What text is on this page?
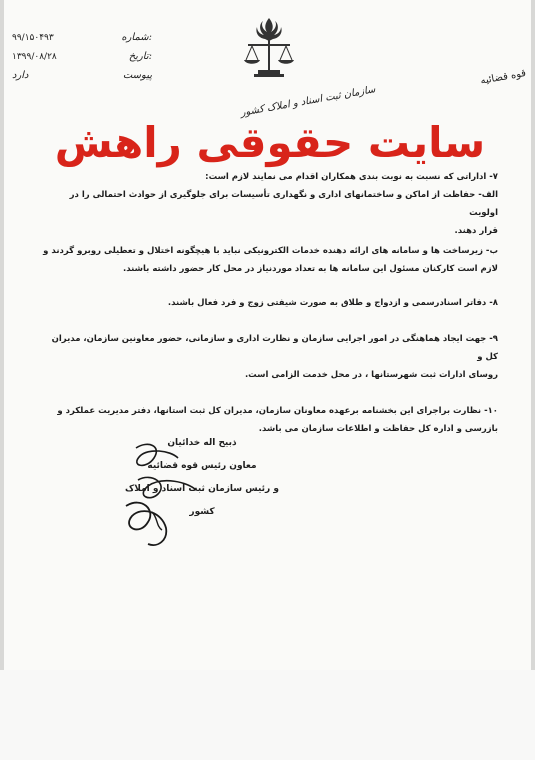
قوه قضائیه
سازمان ثبت اسناد و املاک کشور
۹۹/۱۵۰۴۹۳	شماره:
۱۳۹۹/۰۸/۲۸	تاریخ:
دارد	پیوست
سایت حقوقی راهش

۷- اداراتی که نسبت به نوبت بندی همکاران اقدام می نمایند لازم است:

الف- حفاظت از اماکن و ساختمانهای اداری و نگهداری تأسیسات برای جلوگیری از حوادث احتمالی را در اولویت

قرار دهند.

ب- زیرساخت ها و سامانه های ارائه دهنده خدمات الکترونیکی نباید با هیچگونه اختلال و تعطیلی روبرو گردند و

لازم است کارکنان مسئول این سامانه ها به تعداد موردنیاز در محل کار حضور داشته باشند.

۸- دفاتر اسنادرسمی و ازدواج و طلاق به صورت شیفتی زوج و فرد فعال باشند.

۹- جهت ایجاد هماهنگی در امور اجرایی سازمان و نظارت اداری و سازمانی، حضور معاونین سازمان، مدیران کل و

روسای ادارات ثبت شهرستانها ، در محل خدمت الزامی است.

۱۰- نظارت براجرای این بخشنامه برعهده معاونان سازمان، مدیران کل ثبت استانها، دفتر مدیریت عملکرد و

بازرسی و اداره کل حفاظت و اطلاعات سازمان می باشد.

ذبیح اله خدائیان
معاون رئیس قوه قضائیه
و رئیس سازمان ثبت اسناد و املاک کشور
